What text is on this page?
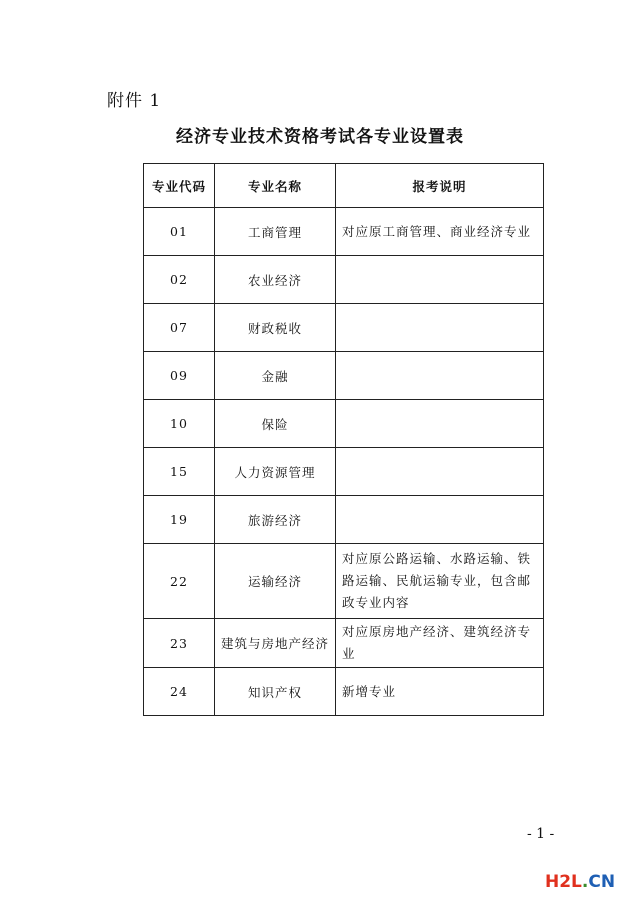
附件 1
经济专业技术资格考试各专业设置表
专业代码	专业名称	报考说明
01	工商管理	对应原工商管理、商业经济专业
02	农业经济	
07	财政税收	
09	金融	
10	保险	
15	人力资源管理	
19	旅游经济	
22	运输经济	对应原公路运输、水路运输、铁路运输、民航运输专业，包含邮政专业内容
23	建筑与房地产经济	对应原房地产经济、建筑经济专业
24	知识产权	新增专业
- 1 -
H2L.CN
